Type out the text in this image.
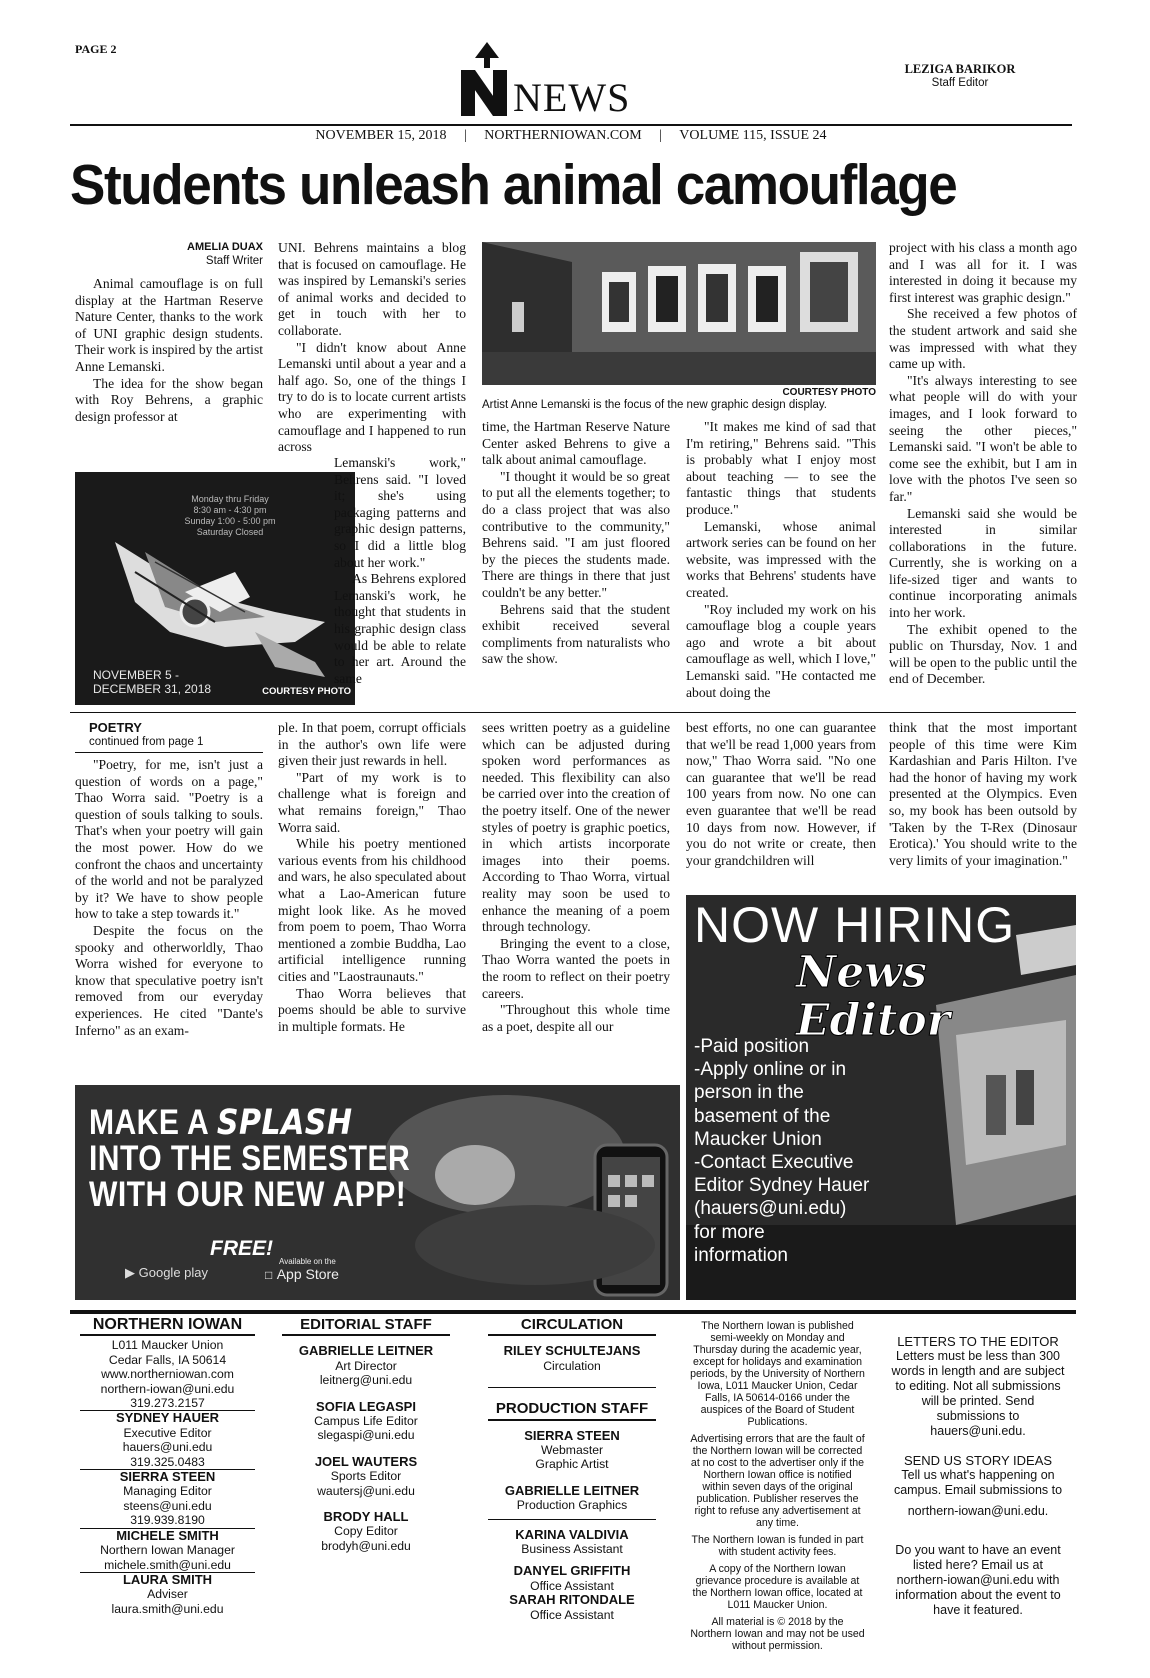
PAGE 2
NEWS
LEZIGA BARIKOR
Staff Editor
NOVEMBER 15, 2018 | NORTHERNIOWAN.COM | VOLUME 115, ISSUE 24
Students unleash animal camouflage
AMELIA DUAX
Staff Writer

Animal camouflage is on full display at the Hartman Reserve Nature Center, thanks to the work of UNI graphic design students. Their work is inspired by the artist Anne Lemanski.

The idea for the show began with Roy Behrens, a graphic design professor at

Monday thru Friday
8:30 am - 4:30 pm
Sunday 1:00 - 5:00 pm
Saturday Closed
NOVEMBER 5 - DECEMBER 31, 2018	COURTESY PHOTO

UNI. Behrens maintains a blog that is focused on camouflage. He was inspired by Lemanski's series of animal works and decided to get in touch with her to collaborate.

"I didn't know about Anne Lemanski until about a year and a half ago. So, one of the things I try to do is to locate current artists who are experimenting with camouflage and I happened to run across

Lemanski's work," Behrens said. "I loved it; she's using packaging patterns and graphic design patterns, so I did a little blog about her work."

As Behrens explored Lemanski's work, he thought that students in his graphic design class would be able to relate to her art. Around the same

COURTESY PHOTO
Artist Anne Lemanski is the focus of the new graphic design display.

time, the Hartman Reserve Nature Center asked Behrens to give a talk about animal camouflage.

"I thought it would be so great to put all the elements together; to do a class project that was also contributive to the community," Behrens said. "I am just floored by the pieces the students made. There are things in there that just couldn't be any better."

Behrens said that the student exhibit received several compliments from naturalists who saw the show.

"It makes me kind of sad that I'm retiring," Behrens said. "This is probably what I enjoy most about teaching — to see the fantastic things that students produce."

Lemanski, whose animal artwork series can be found on her website, was impressed with the works that Behrens' students have created.

"Roy included my work on his camouflage blog a couple years ago and wrote a bit about camouflage as well, which I love," Lemanski said. "He contacted me about doing the

project with his class a month ago and I was all for it. I was interested in doing it because my first interest was graphic design."

She received a few photos of the student artwork and said she was impressed with what they came up with.

"It's always interesting to see what people will do with your images, and I look forward to seeing the other pieces," Lemanski said. "I won't be able to come see the exhibit, but I am in love with the photos I've seen so far."

Lemanski said she would be interested in similar collaborations in the future. Currently, she is working on a life-sized tiger and wants to continue incorporating animals into her work.

The exhibit opened to the public on Thursday, Nov. 1 and will be open to the public until the end of December.

POETRY
continued from page 1

"Poetry, for me, isn't just a question of words on a page," Thao Worra said. "Poetry is a question of souls talking to souls. That's when your poetry will gain the most power. How do we confront the chaos and uncertainty of the world and not be paralyzed by it? We have to show people how to take a step towards it."

Despite the focus on the spooky and otherworldly, Thao Worra wished for everyone to know that speculative poetry isn't removed from our everyday experiences. He cited "Dante's Inferno" as an exam-

ple. In that poem, corrupt officials in the author's own life were given their just rewards in hell.

"Part of my work is to challenge what is foreign and what remains foreign," Thao Worra said.

While his poetry mentioned various events from his childhood and wars, he also speculated about what a Lao-American future might look like. As he moved from poem to poem, Thao Worra mentioned a zombie Buddha, Lao artificial intelligence running cities and "Laostraunauts."

Thao Worra believes that poems should be able to survive in multiple formats. He

sees written poetry as a guideline which can be adjusted during spoken word performances as needed. This flexibility can also be carried over into the creation of the poetry itself. One of the newer styles of poetry is graphic poetics, in which artists incorporate images into their poems. According to Thao Worra, virtual reality may soon be used to enhance the meaning of a poem through technology.

Bringing the event to a close, Thao Worra wanted the poets in the room to reflect on their poetry careers.

"Throughout this whole time as a poet, despite all our

best efforts, no one can guarantee that we'll be read 1,000 years from now," Thao Worra said. "No one can guarantee that we'll be read 100 years from now. No one can even guarantee that we'll be read 10 days from now. However, if you do not write or create, then your grandchildren will

think that the most important people of this time were Kim Kardashian and Paris Hilton. I've had the honor of having my work presented at the Olympics. Even so, my book has been outsold by 'Taken by the T-Rex (Dinosaur Erotica).' You should write to the very limits of your imagination."

NOW HIRING
News Editor
-Paid position
-Apply online or in
person in the
basement of the
Maucker Union
-Contact Executive
Editor Sydney Hauer
(hauers@uni.edu)
for more
information
MAKE A SPLASH
INTO THE SEMESTER
WITH OUR NEW APP!
FREE!
▶ Google play
Available on the
□ App Store
NORTHERN IOWAN
L011 Maucker Union
Cedar Falls, IA 50614
www.northerniowan.com
northern-iowan@uni.edu
319.273.2157
SYDNEY HAUER
Executive Editor
hauers@uni.edu
319.325.0483
SIERRA STEEN
Managing Editor
steens@uni.edu
319.939.8190
MICHELE SMITH
Northern Iowan Manager
michele.smith@uni.edu
LAURA SMITH
Adviser
laura.smith@uni.edu
EDITORIAL STAFF
GABRIELLE LEITNER
Art Director
leitnerg@uni.edu
SOFIA LEGASPI
Campus Life Editor
slegaspi@uni.edu
JOEL WAUTERS
Sports Editor
wautersj@uni.edu
BRODY HALL
Copy Editor
brodyh@uni.edu
CIRCULATION
RILEY SCHULTEJANS
Circulation
PRODUCTION STAFF
SIERRA STEEN
Webmaster
Graphic Artist
GABRIELLE LEITNER
Production Graphics
KARINA VALDIVIA
Business Assistant
DANYEL GRIFFITH
Office Assistant
SARAH RITONDALE
Office Assistant

The Northern Iowan is published semi-weekly on Monday and Thursday during the academic year, except for holidays and examination periods, by the University of Northern Iowa, L011 Maucker Union, Cedar Falls, IA 50614-0166 under the auspices of the Board of Student Publications.

Advertising errors that are the fault of the Northern Iowan will be corrected at no cost to the advertiser only if the Northern Iowan office is notified within seven days of the original publication. Publisher reserves the right to refuse any advertisement at any time.

The Northern Iowan is funded in part with student activity fees.

A copy of the Northern Iowan grievance procedure is available at the Northern Iowan office, located at L011 Maucker Union.

All material is © 2018 by the Northern Iowan and may not be used without permission.

LETTERS TO THE EDITOR
Letters must be less than 300 words in length and are subject to editing. Not all submissions will be printed. Send submissions to hauers@uni.edu.
SEND US STORY IDEAS
Tell us what's happening on campus. Email submissions to
northern-iowan@uni.edu.
Do you want to have an event listed here? Email us at northern-iowan@uni.edu with information about the event to have it featured.
